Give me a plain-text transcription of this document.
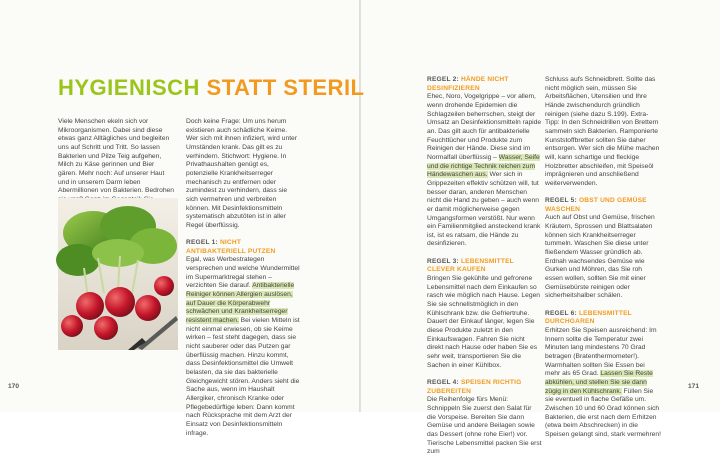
HYGIENISCH STATT STERIL

Viele Menschen ekeln sich vor Mikroorganismen. Dabei sind diese etwas ganz Alltägliches und begleiten uns auf Schritt und Tritt. So lassen Bakterien und Pilze Teig aufgehen, Milch zu Käse gerinnen und Bier gären. Mehr noch: Auf unserer Haut und in unserem Darm leben Abermillionen von Bakterien. Bedrohen

Doch keine Frage: Um uns herum existieren auch schädliche Keime. Wer sich mit ihnen infiziert, wird unter Umständen krank. Das gilt es zu verhindern. Stichwort: Hygiene. In Privathaushalten genügt es, potenzielle Krankheitserreger mechanisch zu entfernen oder zumindest zu verhindern, dass sie sich vermehren und verbreiten können. Mit Desinfektionsmitteln systematisch abzutöten ist in aller Regel überflüssig.

REGEL 1: NICHT ANTIBAKTERIELL PUTZEN

Egal, was Werbestrategen versprechen und welche Wundermittel im Supermarktregal stehen – verzichten Sie darauf. Antibakterielle Reiniger können Allergien auslösen, auf Dauer die Körperabwehr schwächen und Krankheitserreger resistent machen. Bei vielen Mitteln ist nicht einmal erwiesen, ob sie Keime wirken – fest steht dagegen, dass sie nicht sauberer oder das Putzen gar überflüssig machen. Hinzu kommt, dass Desinfektionsmittel die Umwelt belasten, da sie das bakterielle Gleichgewicht stören. Anders sieht die Sache aus, wenn im Haushalt Allergiker, chronisch Kranke oder Pflegebedürftige leben: Dann kommt nach Rücksprache mit dem Arzt der Einsatz von Desinfektionsmitteln infrage.

REGEL 2: HÄNDE NICHT DESINFIZIEREN

Ehec, Noro, Vogelgrippe – vor allem, wenn drohende Epidemien die Schlagzeilen beherrschen, steigt der Umsatz an Desinfektionsmitteln rapide an. Das gilt auch für antibakterielle Feuchttücher und Produkte zum Reinigen der Hände. Diese sind im Normalfall überflüssig – Wasser, Seife und die richtige Technik reichen zum Händewaschen aus. Wer sich in Grippezeiten effektiv schützen will, tut besser daran, anderen Menschen nicht die Hand zu geben – auch wenn er damit möglicherweise gegen Umgangsformen verstößt. Nur wenn ein Familienmitglied ansteckend krank ist, ist es ratsam, die Hände zu desinfizieren.

REGEL 3: LEBENSMITTEL CLEVER KAUFEN

Bringen Sie gekühlte und gefrorene Lebensmittel nach dem Einkaufen so rasch wie möglich nach Hause. Legen Sie sie schnellstmöglich in den Kühlschrank bzw. die Gefriertruhe. Dauert der Einkauf länger, legen Sie diese Produkte zuletzt in den Einkaufswagen. Fahren Sie nicht direkt nach Hause oder haben Sie es sehr weit, transportieren Sie die Sachen in einer Kühlbox.

REGEL 4: SPEISEN RICHTIG ZUBEREITEN

Die Reihenfolge fürs Menü: Schnippeln Sie zuerst den Salat für die Vorspeise. Bereiten Sie dann Gemüse und andere Beilagen sowie das Dessert (ohne rohe Eier!) vor. Tierische Lebensmittel packen Sie erst zum

Schluss aufs Schneidbrett. Sollte das nicht möglich sein, müssen Sie Arbeitsflächen, Utensilien und Ihre Hände zwischendurch gründlich reinigen (siehe dazu S.199). Extra-Tipp: In den Schneidrillen von Brettern sammeln sich Bakterien. Ramponierte Kunststoffbretter sollten Sie daher entsorgen. Wer sich die Mühe machen will, kann schartige und fleckige Holzbretter abschleifen, mit Speiseöl imprägnieren und anschließend weiterverwenden.

REGEL 5: OBST UND GEMÜSE WASCHEN

Auch auf Obst und Gemüse, frischen Kräutern, Sprossen und Blattsalaten können sich Krankheitserreger tummeln. Waschen Sie diese unter fließendem Wasser gründlich ab. Erdnah wachsendes Gemüse wie Gurken und Möhren, das Sie roh essen wollen, sollten Sie mit einer Gemüsebürste reinigen oder sicherheitshalber schälen.

REGEL 6: LEBENSMITTEL DURCHGAREN

Erhitzen Sie Speisen ausreichend: Im Innern sollte die Temperatur zwei Minuten lang mindestens 70 Grad betragen (Bratenthermometer!). Warmhalten sollten Sie Essen bei mehr als 65 Grad. Lassen Sie Reste abkühlen, und stellen Sie sie dann zügig in den Kühlschrank. Füllen Sie sie eventuell in flache Gefäße um. Zwischen 10 und 60 Grad können sich Bakterien, die erst nach dem Erhitzen (etwa beim Abschrecken) in die Speisen gelangt sind, stark vermehren!

170	171
